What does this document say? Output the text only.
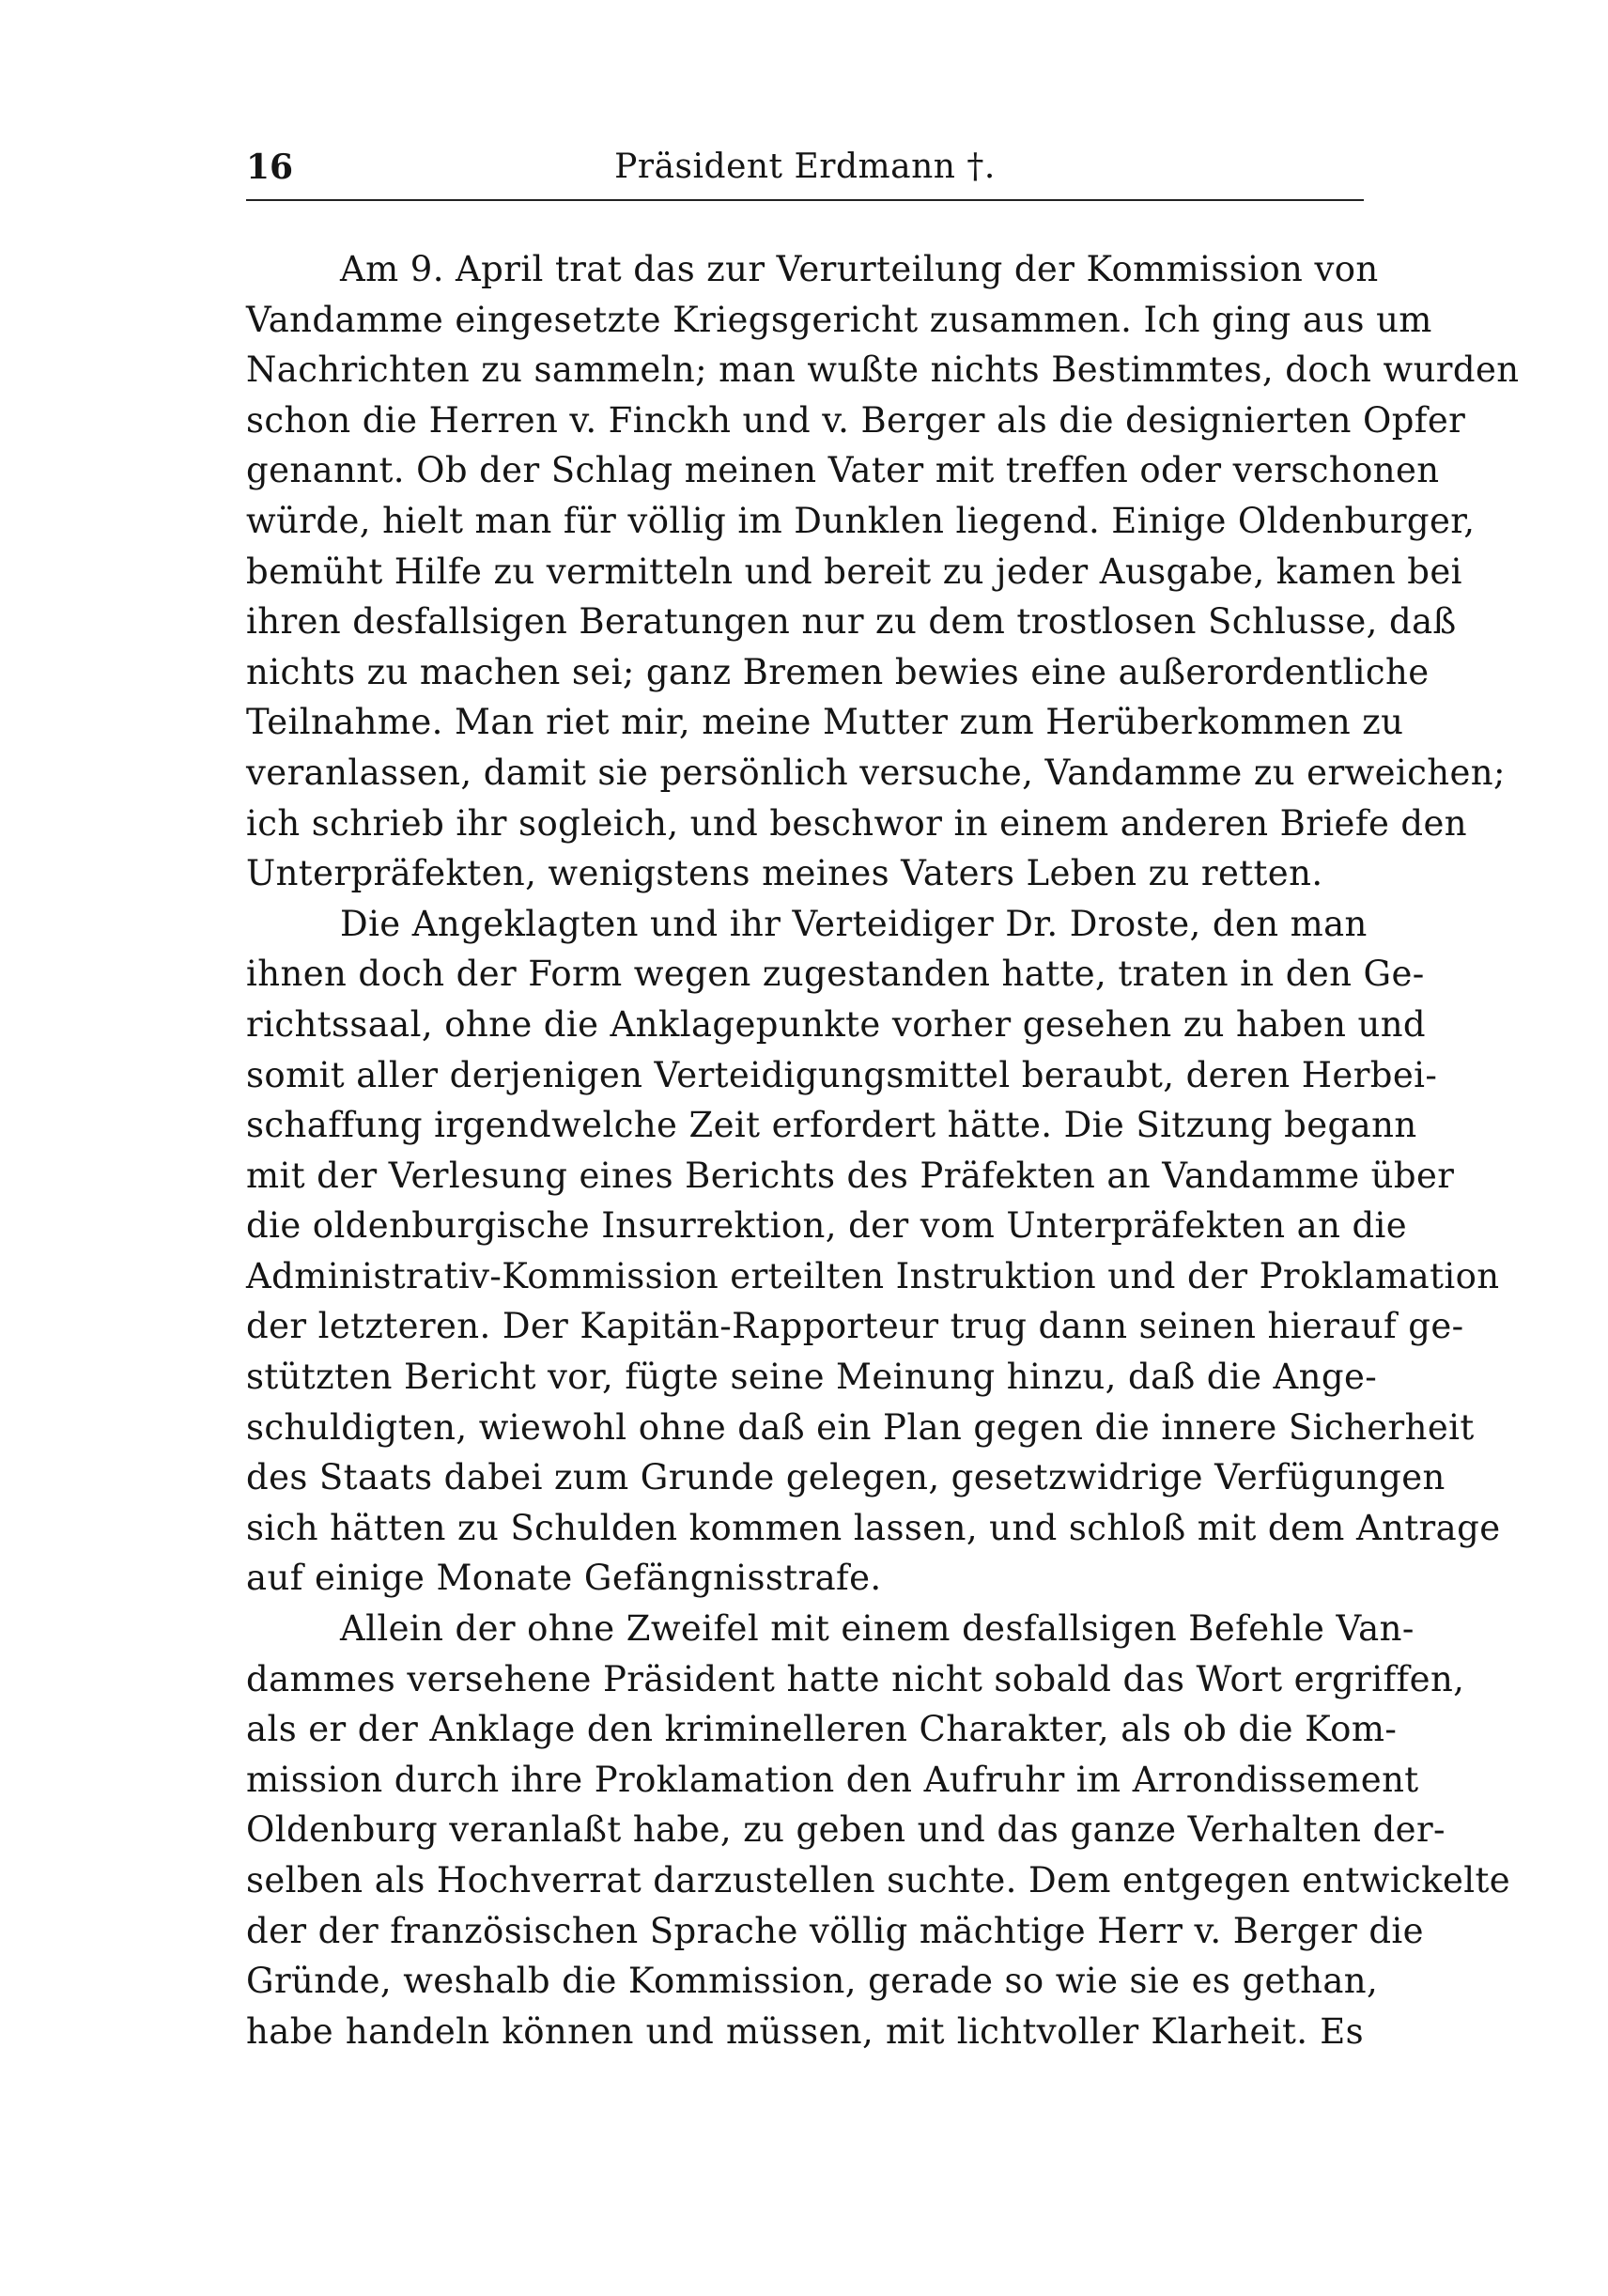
16	Präsident Erdmann †.
Am 9. April trat das zur Verurteilung der Kommission von
Vandamme eingesetzte Kriegsgericht zusammen. Ich ging aus um
Nachrichten zu sammeln; man wußte nichts Bestimmtes, doch wurden
schon die Herren v. Finckh und v. Berger als die designierten Opfer
genannt. Ob der Schlag meinen Vater mit treffen oder verschonen
würde, hielt man für völlig im Dunklen liegend. Einige Oldenburger,
bemüht Hilfe zu vermitteln und bereit zu jeder Ausgabe, kamen bei
ihren desfallsigen Beratungen nur zu dem trostlosen Schlusse, daß
nichts zu machen sei; ganz Bremen bewies eine außerordentliche
Teilnahme. Man riet mir, meine Mutter zum Herüberkommen zu
veranlassen, damit sie persönlich versuche, Vandamme zu erweichen;
ich schrieb ihr sogleich, und beschwor in einem anderen Briefe den
Unterpräfekten, wenigstens meines Vaters Leben zu retten.
Die Angeklagten und ihr Verteidiger Dr. Droste, den man
ihnen doch der Form wegen zugestanden hatte, traten in den Ge-
richtssaal, ohne die Anklagepunkte vorher gesehen zu haben und
somit aller derjenigen Verteidigungsmittel beraubt, deren Herbei-
schaffung irgendwelche Zeit erfordert hätte. Die Sitzung begann
mit der Verlesung eines Berichts des Präfekten an Vandamme über
die oldenburgische Insurrektion, der vom Unterpräfekten an die
Administrativ-Kommission erteilten Instruktion und der Proklamation
der letzteren. Der Kapitän-Rapporteur trug dann seinen hierauf ge-
stützten Bericht vor, fügte seine Meinung hinzu, daß die Ange-
schuldigten, wiewohl ohne daß ein Plan gegen die innere Sicherheit
des Staats dabei zum Grunde gelegen, gesetzwidrige Verfügungen
sich hätten zu Schulden kommen lassen, und schloß mit dem Antrage
auf einige Monate Gefängnisstrafe.
Allein der ohne Zweifel mit einem desfallsigen Befehle Van-
dammes versehene Präsident hatte nicht sobald das Wort ergriffen,
als er der Anklage den kriminelleren Charakter, als ob die Kom-
mission durch ihre Proklamation den Aufruhr im Arrondissement
Oldenburg veranlaßt habe, zu geben und das ganze Verhalten der-
selben als Hochverrat darzustellen suchte. Dem entgegen entwickelte
der der französischen Sprache völlig mächtige Herr v. Berger die
Gründe, weshalb die Kommission, gerade so wie sie es gethan,
habe handeln können und müssen, mit lichtvoller Klarheit. Es
